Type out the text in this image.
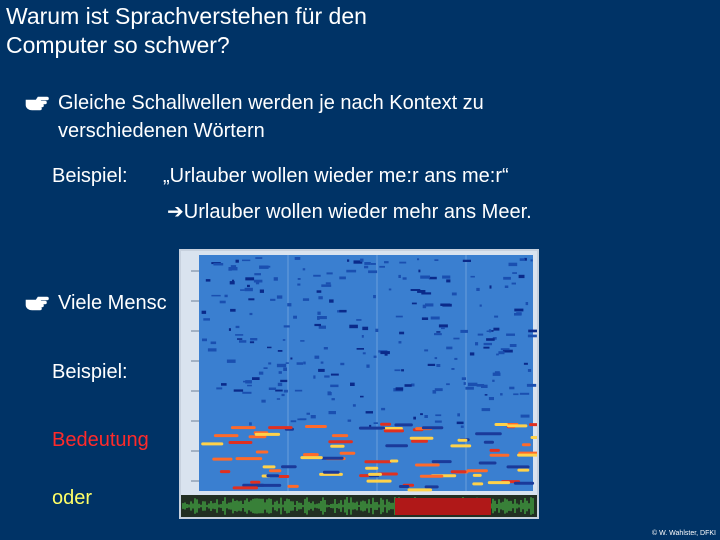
Warum ist Sprachverstehen für den
Computer so schwer?
Gleiche Schallwellen werden je nach Kontext zu
verschiedenen Wörtern
Beispiel: „Urlauber wollen wieder me:r ans me:r“
➔Urlauber wollen wieder mehr ans Meer.
Viele Mensc
Beispiel:
Bedeutung
oder
© W. Wahlster, DFKI
